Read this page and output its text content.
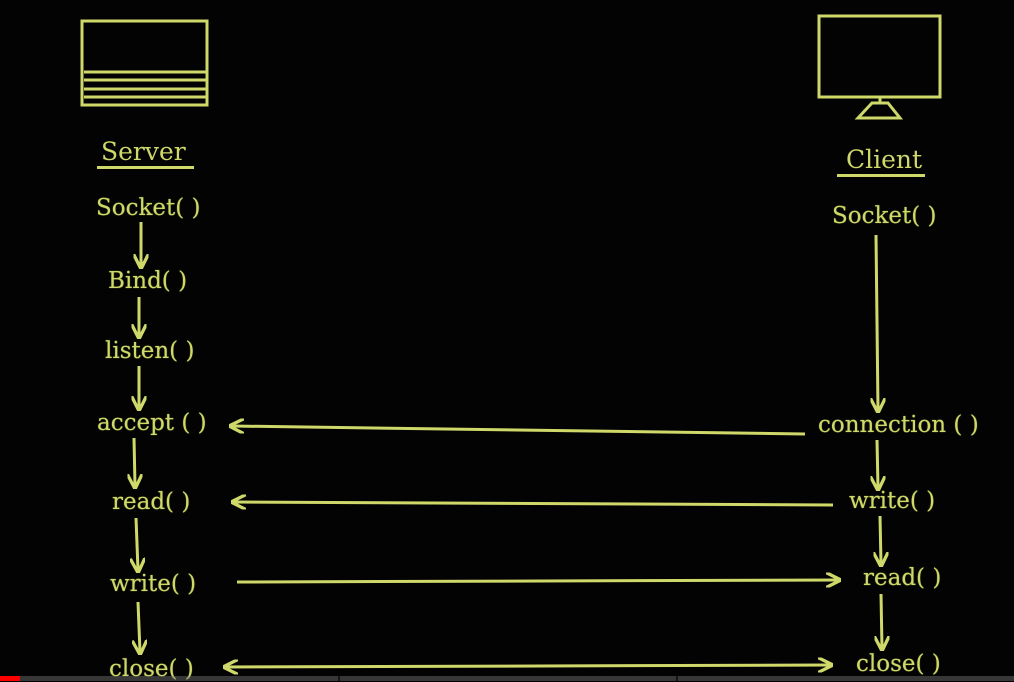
Server	Client
Socket( )
Bind( )
listen( )
accept ( )
read( )
write( )
close( )
Socket( )
connection ( )
write( )
read( )
close( )
